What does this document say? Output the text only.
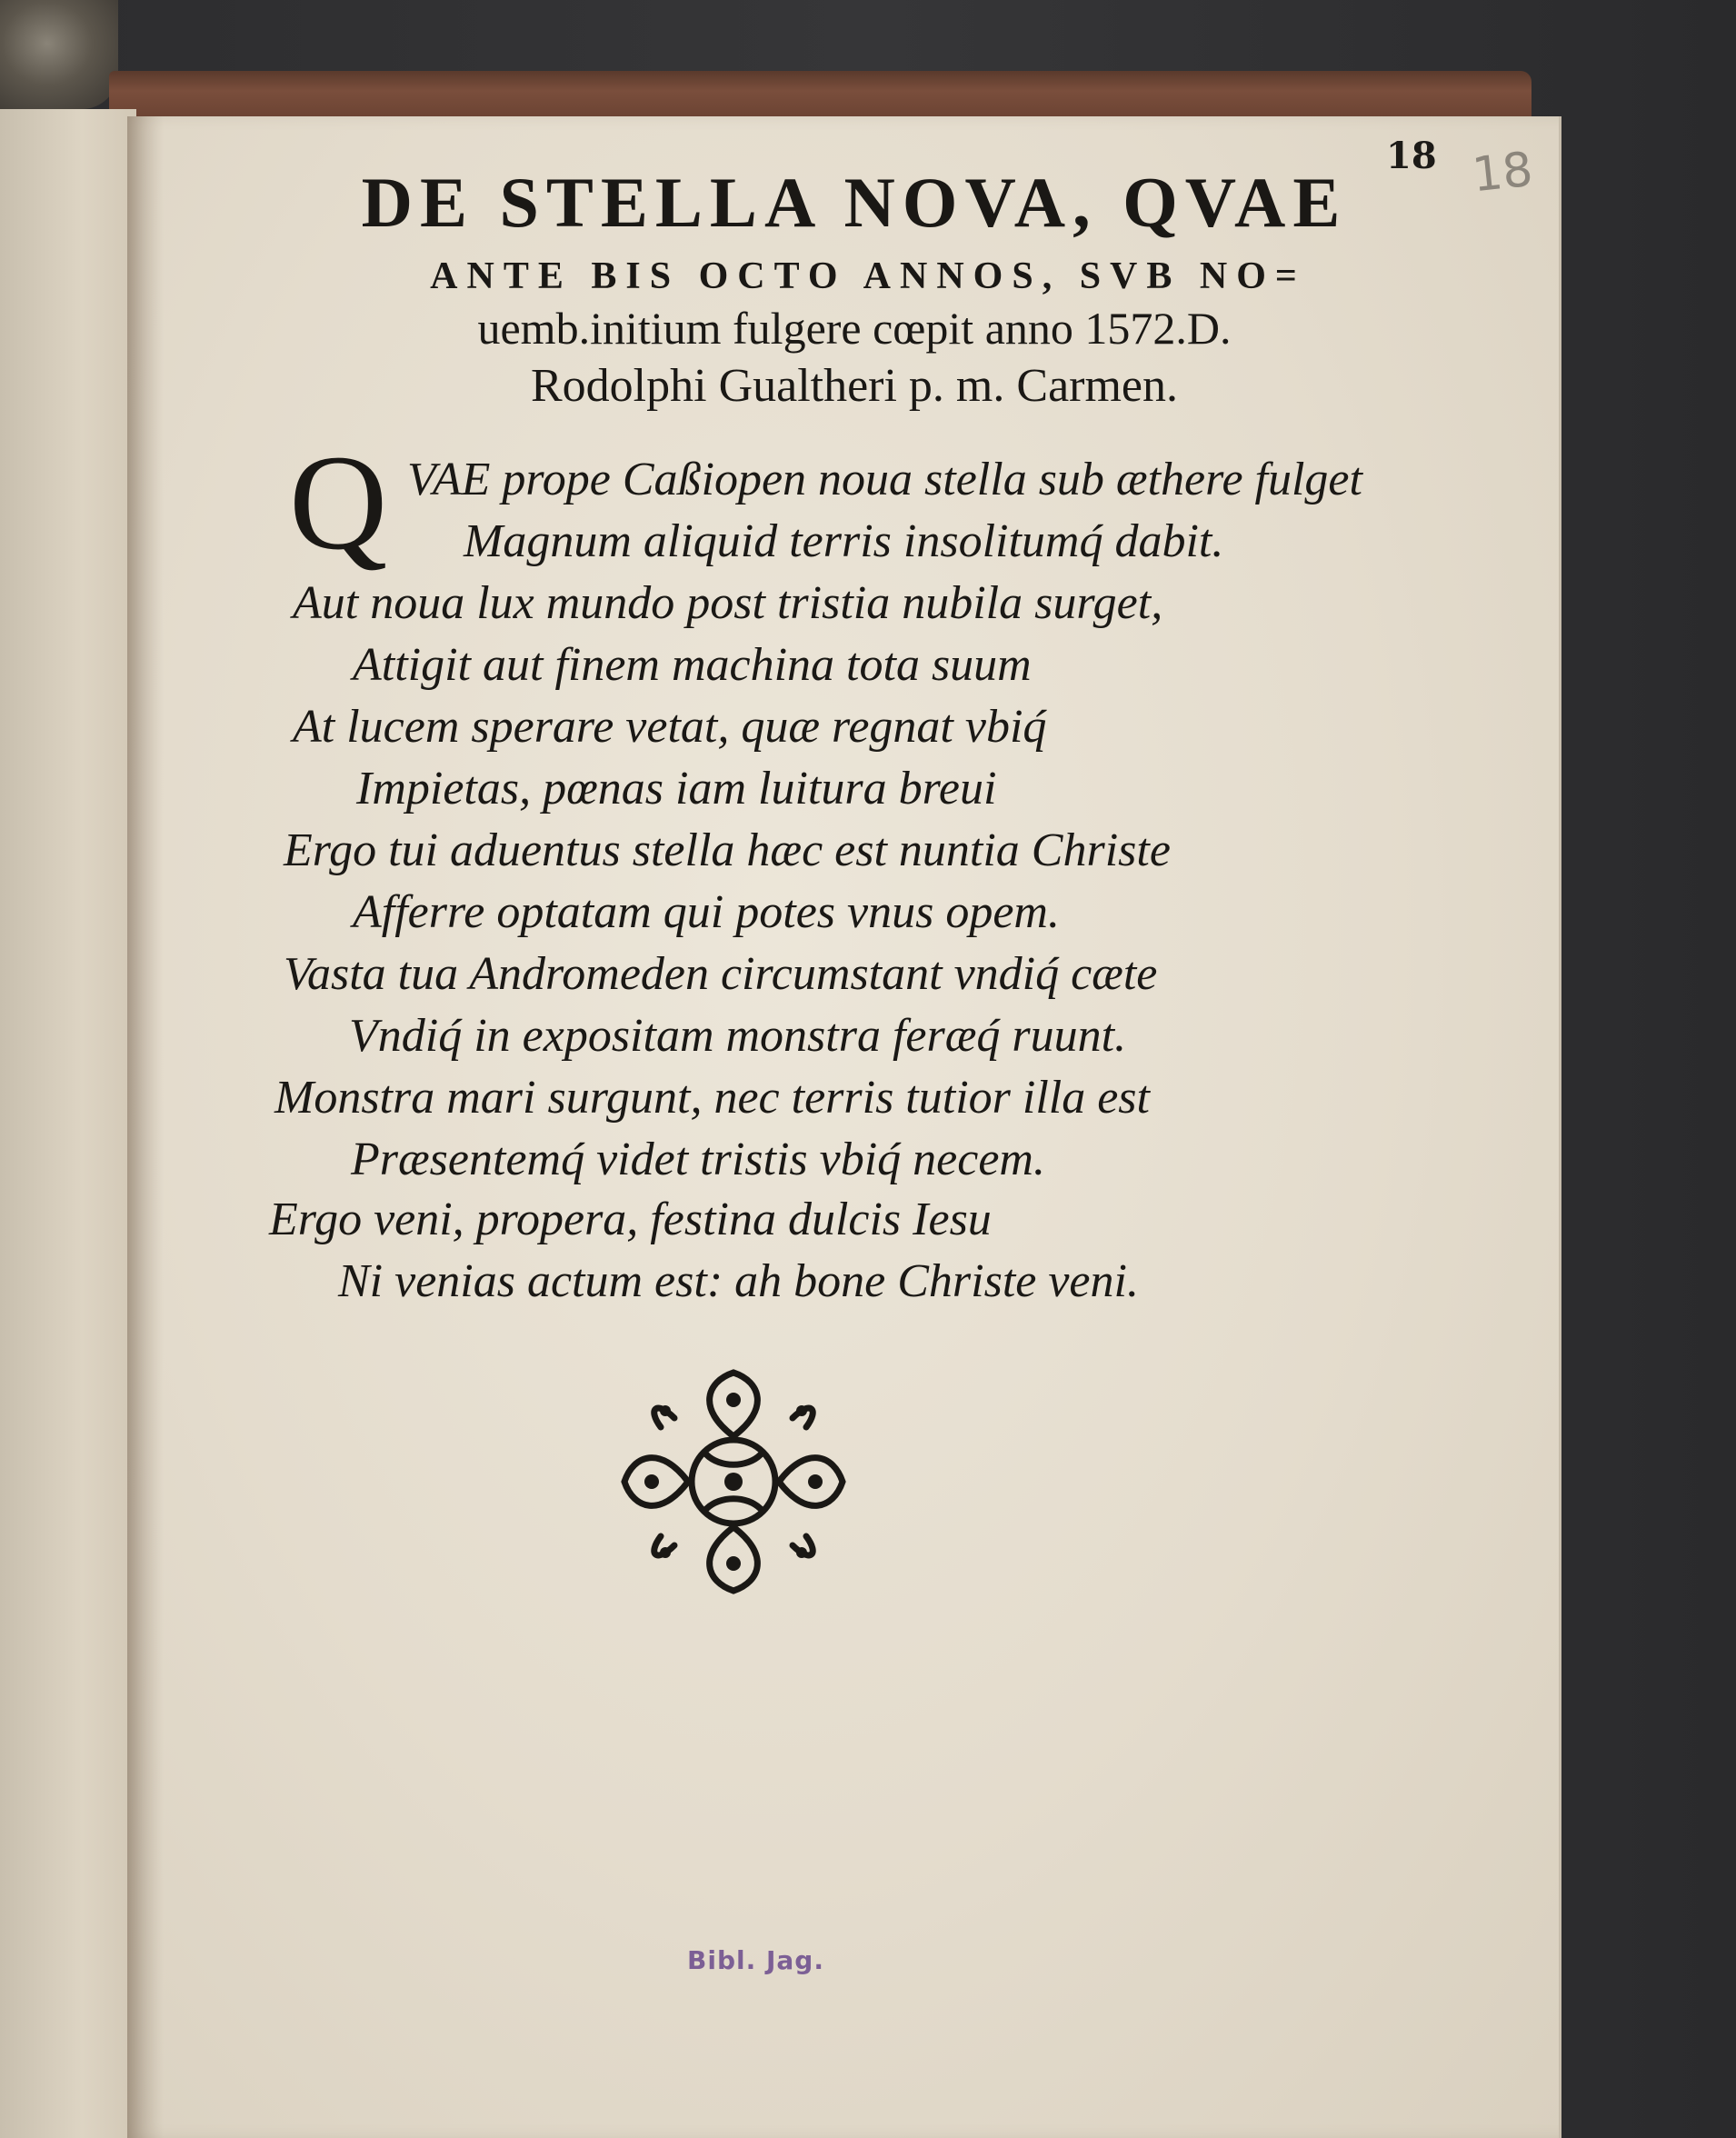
18 18
DE STELLA NOVA, QVAE
ANTE BIS OCTO ANNOS, SVB NO=
uemb.initium fulgere cœpit anno 1572.D.
Rodolphi Gualtheri p. m. Carmen.
Q VAE prope Caßiopen noua stella sub æthere fulget
Magnum aliquid terris insolitumq́ dabit.
Aut noua lux mundo post tristia nubila surget,
Attigit aut finem machina tota suum
At lucem sperare vetat, quæ regnat vbiq́
Impietas, pœnas iam luitura breui
Ergo tui aduentus stella hæc est nuntia Christe
Afferre optatam qui potes vnus opem.
Vasta tua Andromeden circumstant vndiq́ cæte
Vndiq́ in expositam monstra feræq́ ruunt.
Monstra mari surgunt, nec terris tutior illa est
Præsentemq́ videt tristis vbiq́ necem.
Ergo veni, propera, festina dulcis Iesu
Ni venias actum est: ah bone Christe veni.
Bibl. Jag.
